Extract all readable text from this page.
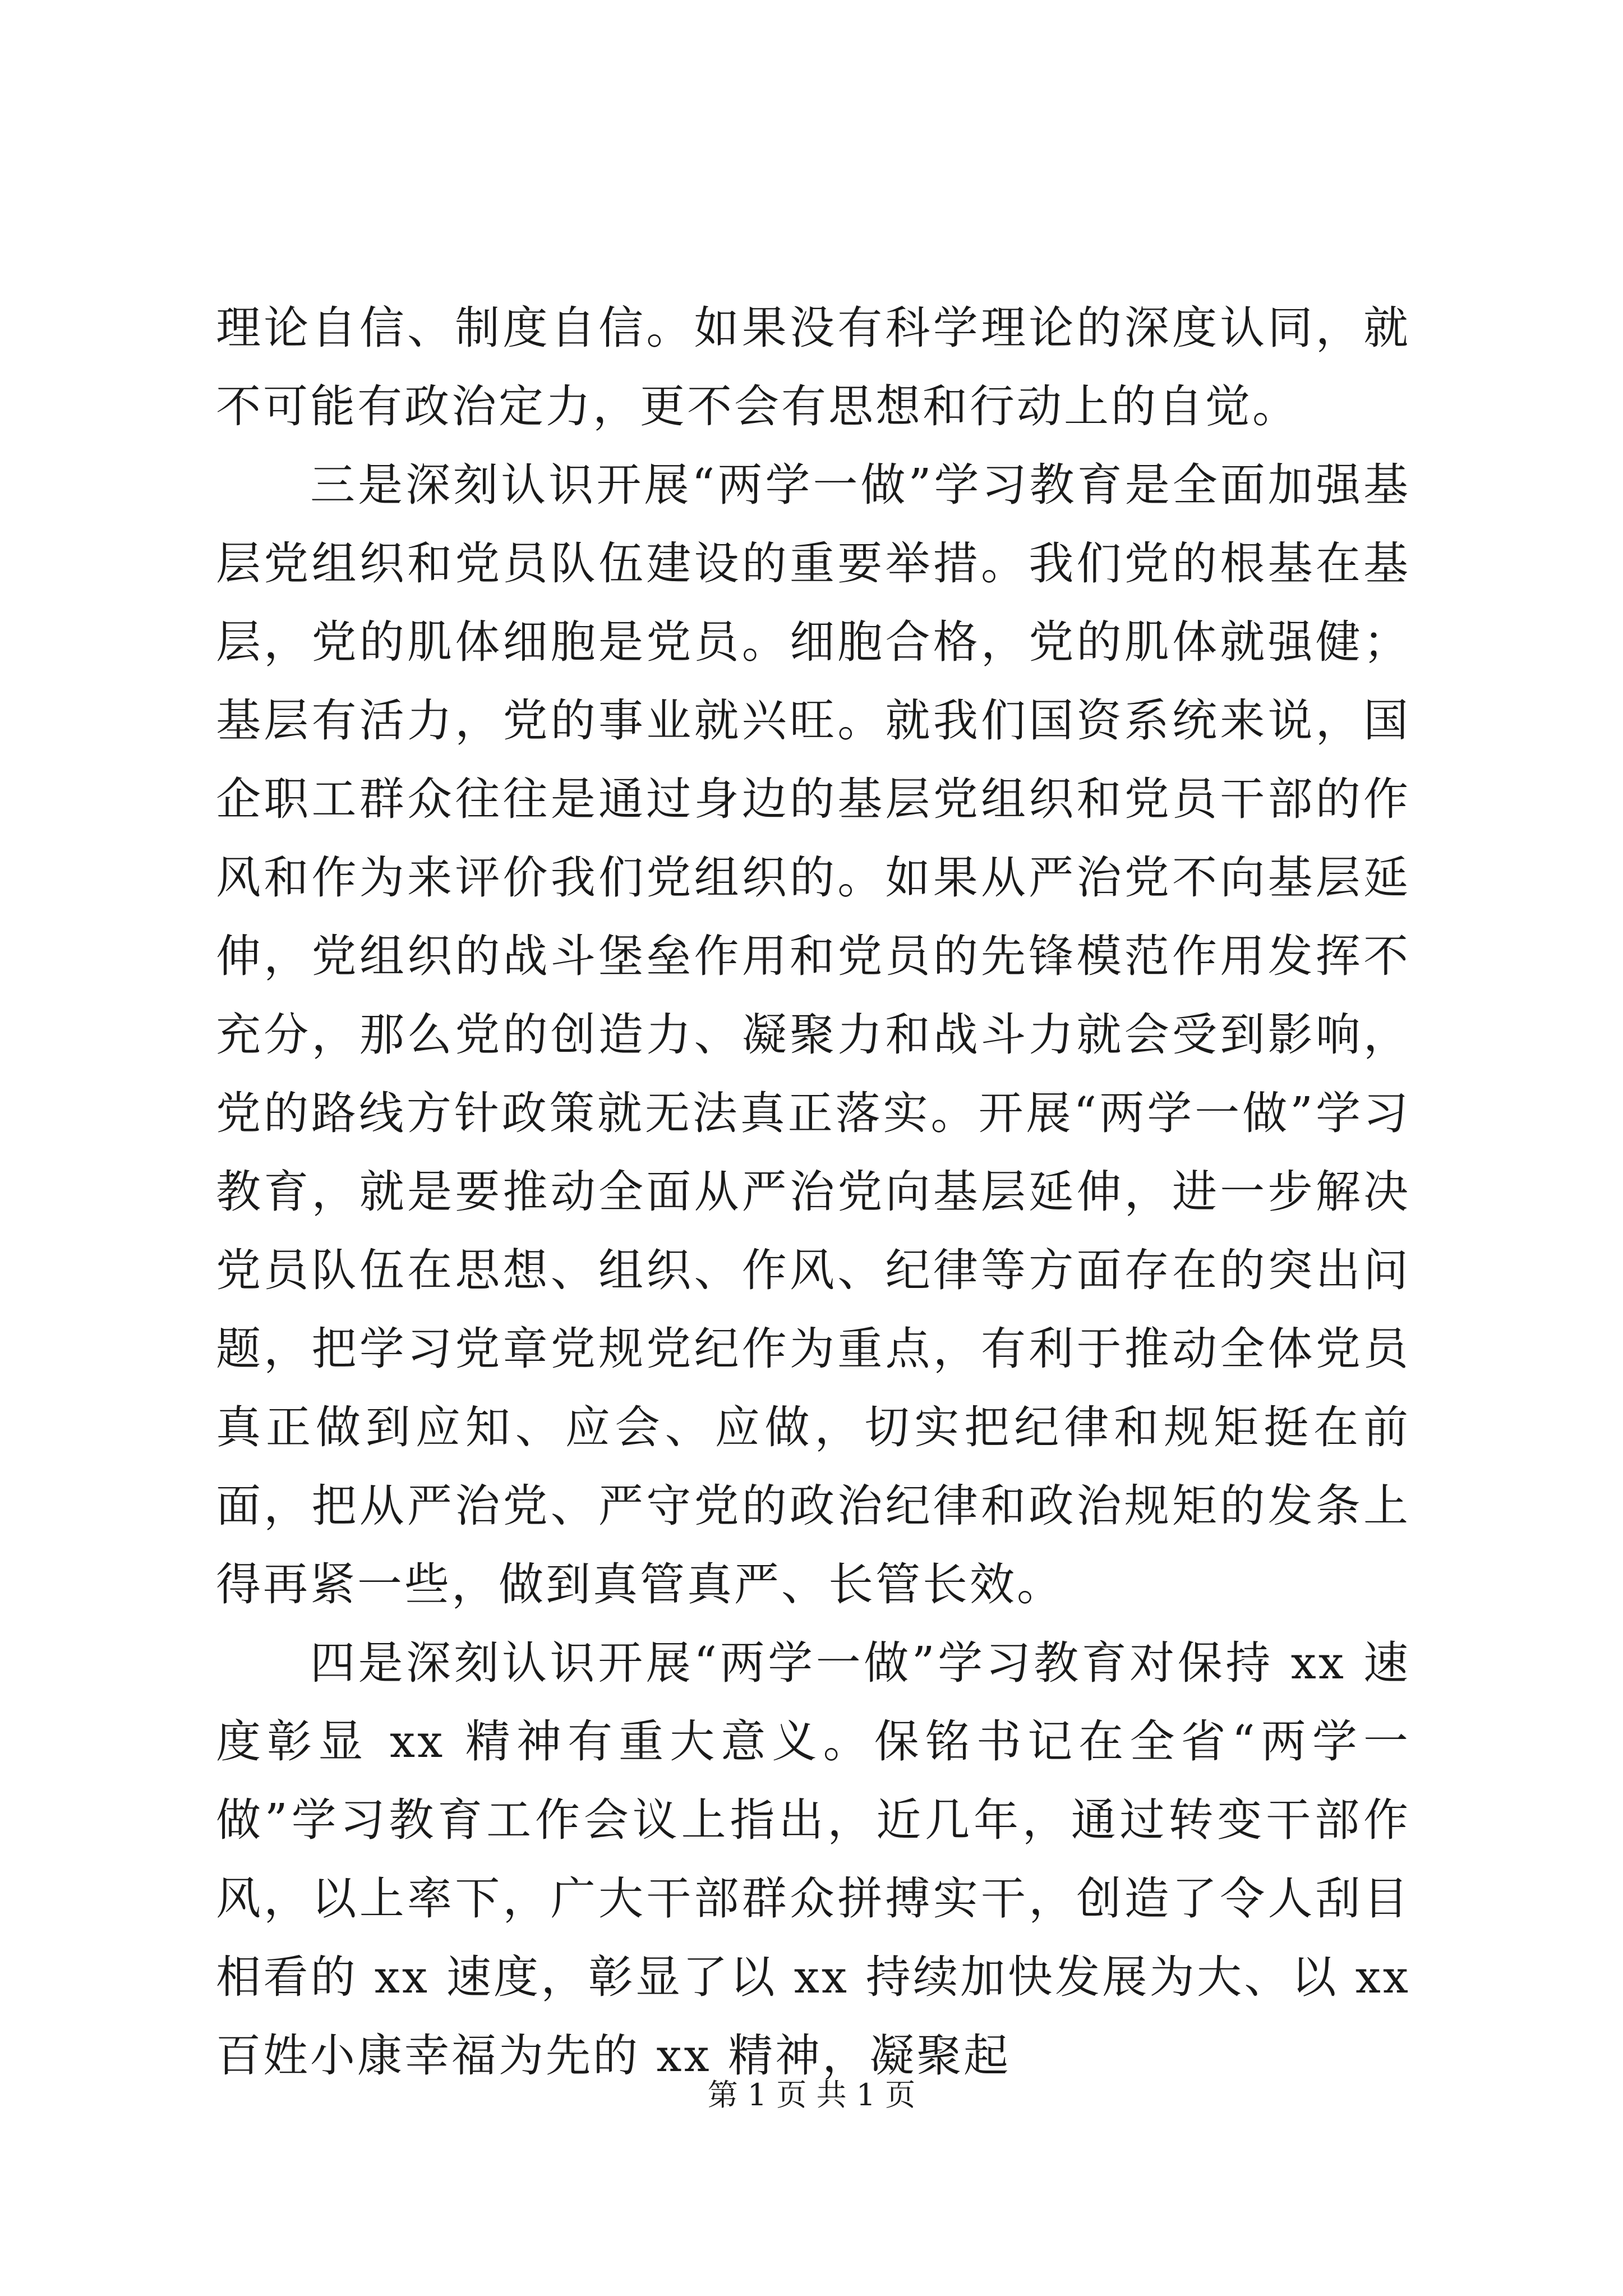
理论自信、制度自信。如果没有科学理论的深度认同，就不可能有政治定力，更不会有思想和行动上的自觉。

三是深刻认识开展“两学一做”学习教育是全面加强基层党组织和党员队伍建设的重要举措。我们党的根基在基层，党的肌体细胞是党员。细胞合格，党的肌体就强健；基层有活力，党的事业就兴旺。就我们国资系统来说，国企职工群众往往是通过身边的基层党组织和党员干部的作风和作为来评价我们党组织的。如果从严治党不向基层延伸，党组织的战斗堡垒作用和党员的先锋模范作用发挥不充分，那么党的创造力、凝聚力和战斗力就会受到影响，党的路线方针政策就无法真正落实。开展“两学一做”学习教育，就是要推动全面从严治党向基层延伸，进一步解决党员队伍在思想、组织、作风、纪律等方面存在的突出问题，把学习党章党规党纪作为重点，有利于推动全体党员真正做到应知、应会、应做，切实把纪律和规矩挺在前面，把从严治党、严守党的政治纪律和政治规矩的发条上得再紧一些，做到真管真严、长管长效。

四是深刻认识开展“两学一做”学习教育对保持 xx 速度彰显 xx 精神有重大意义。保铭书记在全省“两学一做”学习教育工作会议上指出，近几年，通过转变干部作风，以上率下，广大干部群众拼搏实干，创造了令人刮目相看的 xx 速度，彰显了以 xx 持续加快发展为大、以 xx 百姓小康幸福为先的 xx 精神，凝聚起

第 1 页 共 1 页
